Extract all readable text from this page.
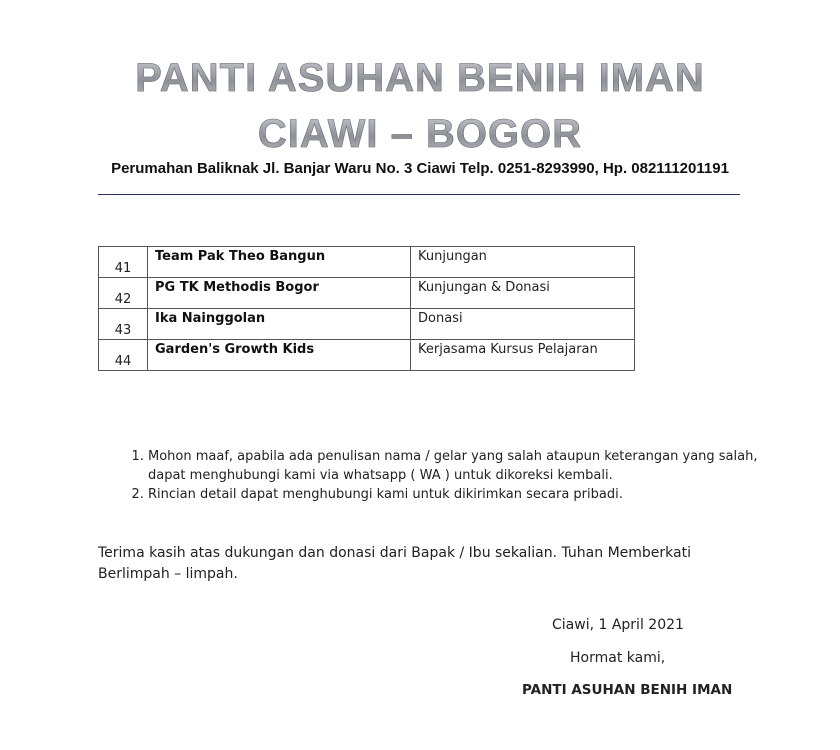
PANTI ASUHAN BENIH IMAN
CIAWI – BOGOR
Perumahan Baliknak Jl. Banjar Waru No. 3 Ciawi Telp. 0251-8293990, Hp. 082111201191
41	Team Pak Theo Bangun	Kunjungan

42	PG TK Methodis Bogor	Kunjungan & Donasi

43	Ika Nainggolan	Donasi

44	Garden's Growth Kids	Kerjasama Kursus Pelajaran
1. Mohon maaf, apabila ada penulisan nama / gelar yang salah ataupun keterangan yang salah, dapat menghubungi kami via whatsapp ( WA ) untuk dikoreksi kembali.
2. Rincian detail dapat menghubungi kami untuk dikirimkan secara pribadi.
Terima kasih atas dukungan dan donasi dari Bapak / Ibu sekalian. Tuhan Memberkati Berlimpah – limpah.
Ciawi, 1 April 2021
Hormat kami,
PANTI ASUHAN BENIH IMAN
